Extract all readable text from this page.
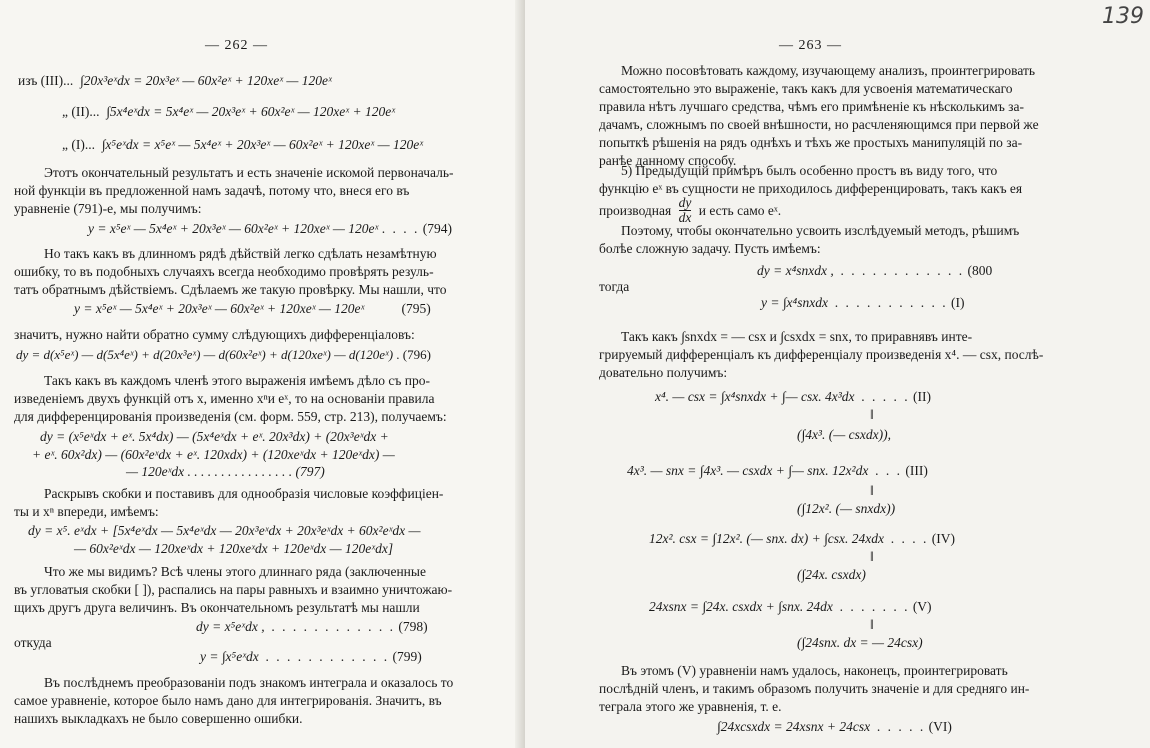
— 262 —
изъ (III)... ∫20x³eˣdx = 20x³eˣ — 60x²eˣ + 120xeˣ — 120eˣ
„ (II)... ∫5x⁴eˣdx = 5x⁴eˣ — 20x³eˣ + 60x²eˣ — 120xeˣ + 120eˣ
„ (I)... ∫x⁵eˣdx = x⁵eˣ — 5x⁴eˣ + 20x³eˣ — 60x²eˣ + 120xeˣ — 120eˣ
Этотъ окончательный результатъ и есть значеніе искомой первоначаль-
ной функціи въ предложенной намъ задачѣ, потому что, внеся его въ
уравненіе (791)-е, мы получимъ:
y = x⁵eˣ — 5x⁴eˣ + 20x³eˣ — 60x²eˣ + 120xeˣ — 120eˣ . . . . (794)
Но такъ какъ въ длинномъ рядѣ дѣйствій легко сдѣлать незамѣтную
ошибку, то въ подобныхъ случаяхъ всегда необходимо провѣрять резуль-
татъ обратнымъ дѣйствіемъ. Сдѣлаемъ же такую провѣрку. Мы нашли, что
y = x⁵eˣ — 5x⁴eˣ + 20x³eˣ — 60x²eˣ + 120xeˣ — 120eˣ	(795)
значитъ, нужно найти обратно сумму слѣдующихъ дифференціаловъ:
dy = d(x⁵eˣ) — d(5x⁴eˣ) + d(20x³eˣ) — d(60x²eˣ) + d(120xeˣ) — d(120eˣ) . (796)
Такъ какъ въ каждомъ членѣ этого выраженія имѣемъ дѣло съ про-
изведеніемъ двухъ функцій отъ x, именно xⁿи eˣ, то на основаніи правила
для дифференцированія произведенія (см. форм. 559, стр. 213), получаемъ:
dy = (x⁵eˣdx + eˣ. 5x⁴dx) — (5x⁴eˣdx + eˣ. 20x³dx) + (20x³eˣdx +
+ eˣ. 60x²dx) — (60x²eˣdx + eˣ. 120xdx) + (120xeˣdx + 120eˣdx) —
— 120eˣdx . . . . . . . . . . . . . . . . (797)
Раскрывъ скобки и поставивъ для однообразія числовые коэффиціен-
ты и xⁿ впереди, имѣемъ:
dy = x⁵. eˣdx + [5x⁴eˣdx — 5x⁴eˣdx — 20x³eˣdx + 20x³eˣdx + 60x²eˣdx —
— 60x²eˣdx — 120xeˣdx + 120xeˣdx + 120eˣdx — 120eˣdx]
Что же мы видимъ? Всѣ члены этого длиннаго ряда (заключенные
въ угловатыя скобки [ ]), распались на пары равныхъ и взаимно уничтожаю-
щихъ другъ друга величинъ. Въ окончательномъ результатѣ мы нашли
dy = x⁵eˣdx , . . . . . . . . . . . . (798)
откуда
y = ∫x⁵eˣdx . . . . . . . . . . . . (799)
Въ послѣднемъ преобразованіи подъ знакомъ интеграла и оказалось то
самое уравненіе, которое было намъ дано для интегрированія. Значитъ, въ
нашихъ выкладкахъ не было совершенно ошибки.
— 263 —
139
Можно посовѣтовать каждому, изучающему анализъ, проинтегрировать
самостоятельно это выраженіе, такъ какъ для усвоенія математическаго
правила нѣтъ лучшаго средства, чѣмъ его примѣненіе къ нѣсколькимъ за-
дачамъ, сложнымъ по своей внѣшности, но расчленяющимся при первой же
попыткѣ рѣшенія на рядъ однѣхъ и тѣхъ же простыхъ манипуляцій по за-
ранѣе данному способу.
5) Предыдущій примѣръ былъ особенно простъ въ виду того, что
функцію eˣ въ сущности не приходилось дифференцировать, такъ какъ ея
производная $\frac{dy}{dx}$ и есть само eˣ.
Поэтому, чтобы окончательно усвоить изслѣдуемый методъ, рѣшимъ
болѣе сложную задачу. Пусть имѣемъ:
dy = x⁴snxdx , . . . . . . . . . . . . (800
тогда
y = ∫x⁴snxdx . . . . . . . . . . . (I)
Такъ какъ ∫snxdx = — csx и ∫csxdx = snx, то приравнявъ инте-
грируемый дифференціалъ къ дифференціалу произведенія x⁴. — csx, послѣ-
довательно получимъ:
x⁴. — csx = ∫x⁴snxdx + ∫— csx. 4x³dx . . . . . (II)
‖
(∫4x³. (— csxdx)),
4x³. — snx = ∫4x³. — csxdx + ∫— snx. 12x²dx . . . (III)
‖
(∫12x². (— snxdx))
12x². csx = ∫12x². (— snx. dx) + ∫csx. 24xdx . . . . (IV)
‖
(∫24x. csxdx)
24xsnx = ∫24x. csxdx + ∫snx. 24dx . . . . . . . (V)
‖
(∫24snx. dx = — 24csx)
Въ этомъ (V) уравненіи намъ удалось, наконецъ, проинтегрировать
послѣдній членъ, и такимъ образомъ получить значеніе и для средняго ин-
теграла этого же уравненія, т. е.
∫24xcsxdx = 24xsnx + 24csx . . . . . (VI)
